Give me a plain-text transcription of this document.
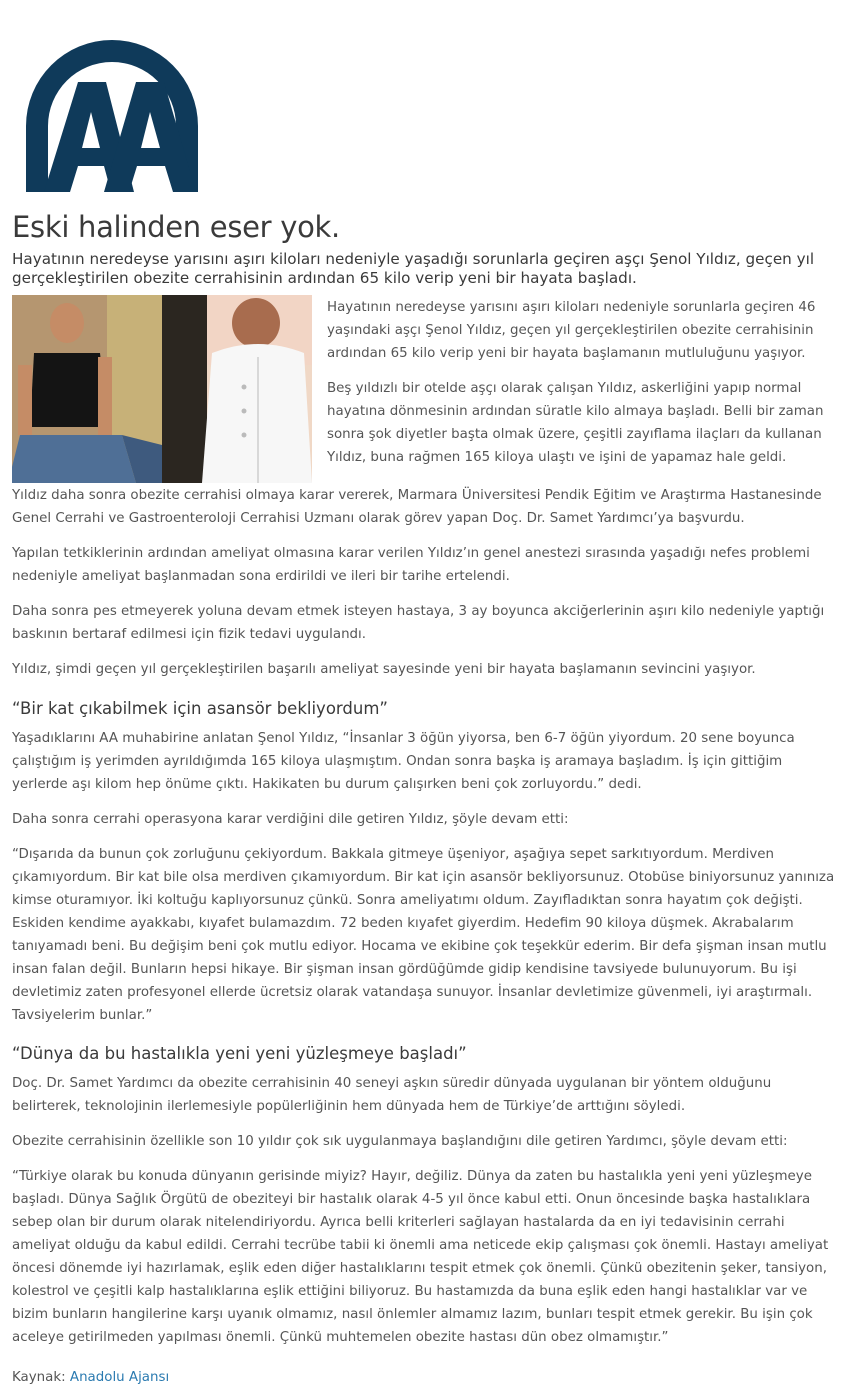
Eski halinden eser yok.
Hayatının neredeyse yarısını aşırı kiloları nedeniyle yaşadığı sorunlarla geçiren aşçı Şenol Yıldız, geçen yıl gerçekleştirilen obezite cerrahisinin ardından 65 kilo verip yeni bir hayata başladı.

Hayatının neredeyse yarısını aşırı kiloları nedeniyle sorunlarla geçiren 46 yaşındaki aşçı Şenol Yıldız, geçen yıl gerçekleştirilen obezite cerrahisinin ardından 65 kilo verip yeni bir hayata başlamanın mutluluğunu yaşıyor.

Beş yıldızlı bir otelde aşçı olarak çalışan Yıldız, askerliğini yapıp normal hayatına dönmesinin ardından süratle kilo almaya başladı. Belli bir zaman sonra şok diyetler başta olmak üzere, çeşitli zayıflama ilaçları da kullanan Yıldız, buna rağmen 165 kiloya ulaştı ve işini de yapamaz hale geldi.

Yıldız daha sonra obezite cerrahisi olmaya karar vererek, Marmara Üniversitesi Pendik Eğitim ve Araştırma Hastanesinde Genel Cerrahi ve Gastroenteroloji Cerrahisi Uzmanı olarak görev yapan Doç. Dr. Samet Yardımcı’ya başvurdu.

Yapılan tetkiklerinin ardından ameliyat olmasına karar verilen Yıldız’ın genel anestezi sırasında yaşadığı nefes problemi nedeniyle ameliyat başlanmadan sona erdirildi ve ileri bir tarihe ertelendi.

Daha sonra pes etmeyerek yoluna devam etmek isteyen hastaya, 3 ay boyunca akciğerlerinin aşırı kilo nedeniyle yaptığı baskının bertaraf edilmesi için fizik tedavi uygulandı.

Yıldız, şimdi geçen yıl gerçekleştirilen başarılı ameliyat sayesinde yeni bir hayata başlamanın sevincini yaşıyor.

“Bir kat çıkabilmek için asansör bekliyordum”

Yaşadıklarını AA muhabirine anlatan Şenol Yıldız, “İnsanlar 3 öğün yiyorsa, ben 6-7 öğün yiyordum. 20 sene boyunca çalıştığım iş yerimden ayrıldığımda 165 kiloya ulaşmıştım. Ondan sonra başka iş aramaya başladım. İş için gittiğim yerlerde aşı kilom hep önüme çıktı. Hakikaten bu durum çalışırken beni çok zorluyordu.” dedi.

Daha sonra cerrahi operasyona karar verdiğini dile getiren Yıldız, şöyle devam etti:

“Dışarıda da bunun çok zorluğunu çekiyordum. Bakkala gitmeye üşeniyor, aşağıya sepet sarkıtıyordum. Merdiven çıkamıyordum. Bir kat bile olsa merdiven çıkamıyordum. Bir kat için asansör bekliyorsunuz. Otobüse biniyorsunuz yanınıza kimse oturamıyor. İki koltuğu kaplıyorsunuz çünkü. Sonra ameliyatımı oldum. Zayıfladıktan sonra hayatım çok değişti. Eskiden kendime ayakkabı, kıyafet bulamazdım. 72 beden kıyafet giyerdim. Hedefim 90 kiloya düşmek. Akrabalarım tanıyamadı beni. Bu değişim beni çok mutlu ediyor. Hocama ve ekibine çok teşekkür ederim. Bir defa şişman insan mutlu insan falan değil. Bunların hepsi hikaye. Bir şişman insan gördüğümde gidip kendisine tavsiyede bulunuyorum. Bu işi devletimiz zaten profesyonel ellerde ücretsiz olarak vatandaşa sunuyor. İnsanlar devletimize güvenmeli, iyi araştırmalı. Tavsiyelerim bunlar.”

“Dünya da bu hastalıkla yeni yeni yüzleşmeye başladı”

Doç. Dr. Samet Yardımcı da obezite cerrahisinin 40 seneyi aşkın süredir dünyada uygulanan bir yöntem olduğunu belirterek, teknolojinin ilerlemesiyle popülerliğinin hem dünyada hem de Türkiye’de arttığını söyledi.

Obezite cerrahisinin özellikle son 10 yıldır çok sık uygulanmaya başlandığını dile getiren Yardımcı, şöyle devam etti:

“Türkiye olarak bu konuda dünyanın gerisinde miyiz? Hayır, değiliz. Dünya da zaten bu hastalıkla yeni yeni yüzleşmeye başladı. Dünya Sağlık Örgütü de obeziteyi bir hastalık olarak 4-5 yıl önce kabul etti. Onun öncesinde başka hastalıklara sebep olan bir durum olarak nitelendiriyordu. Ayrıca belli kriterleri sağlayan hastalarda da en iyi tedavisinin cerrahi ameliyat olduğu da kabul edildi. Cerrahi tecrübe tabii ki önemli ama neticede ekip çalışması çok önemli. Hastayı ameliyat öncesi dönemde iyi hazırlamak, eşlik eden diğer hastalıklarını tespit etmek çok önemli. Çünkü obezitenin şeker, tansiyon, kolestrol ve çeşitli kalp hastalıklarına eşlik ettiğini biliyoruz. Bu hastamızda da buna eşlik eden hangi hastalıklar var ve bizim bunların hangilerine karşı uyanık olmamız, nasıl önlemler almamız lazım, bunları tespit etmek gerekir. Bu işin çok aceleye getirilmeden yapılması önemli. Çünkü muhtemelen obezite hastası dün obez olmamıştır.”

Kaynak: Anadolu Ajansı
